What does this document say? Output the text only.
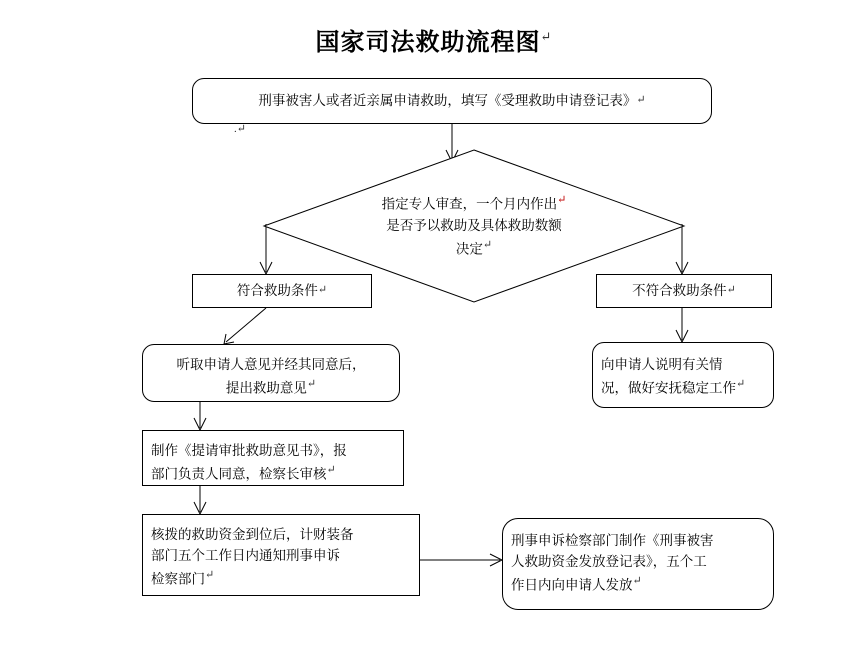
国家司法救助流程图↵
刑事被害人或者近亲属申请救助，填写《受理救助申请登记表》 ↵
.↵
指定专人审查，一个月内作出↵
是否予以救助及具体救助数额
决定↵
符合救助条件 ↵	不符合救助条件 ↵
听取申请人意见并经其同意后，
提出救助意见↵
向申请人说明有关情
况，做好安抚稳定工作↵
制作《提请审批救助意见书》，报
部门负责人同意，检察长审核↵
核拨的救助资金到位后，计财装备
部门五个工作日内通知刑事申诉
检察部门↵
刑事申诉检察部门制作《刑事被害
人救助资金发放登记表》，五个工
作日内向申请人发放↵
